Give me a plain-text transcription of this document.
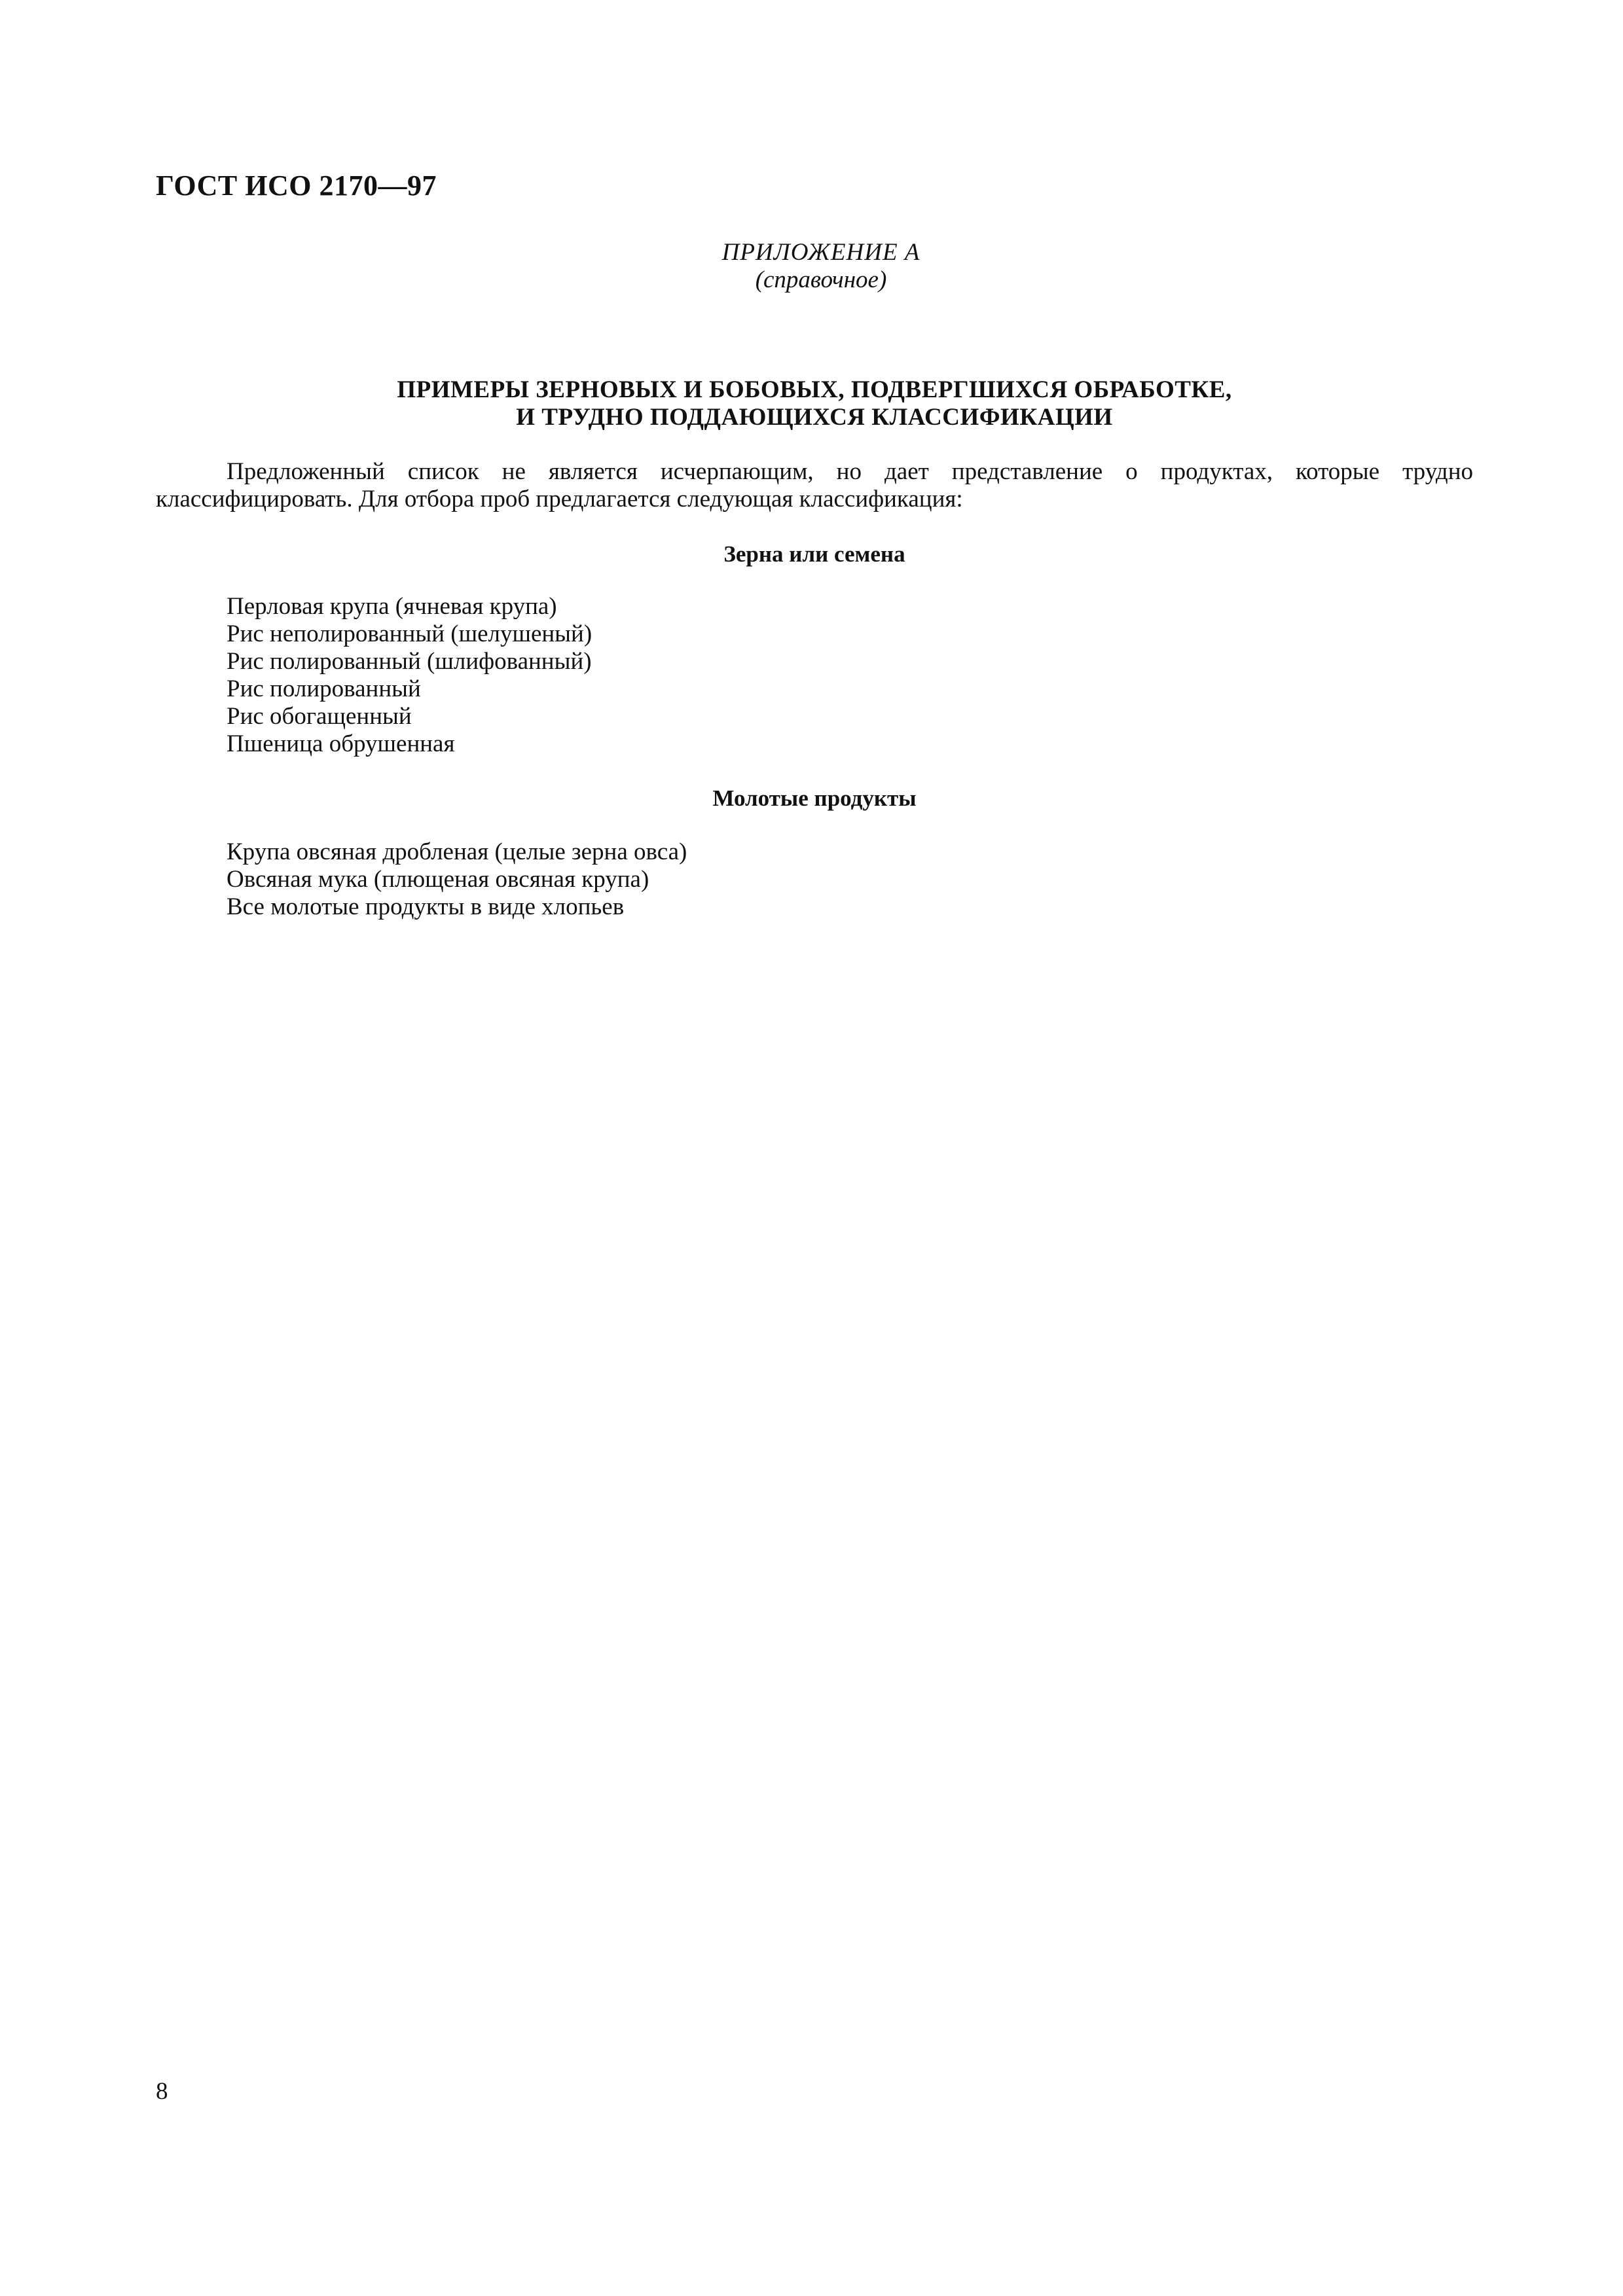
ГОСТ ИСО 2170—97
ПРИЛОЖЕНИЕ А
(справочное)
ПРИМЕРЫ ЗЕРНОВЫХ И БОБОВЫХ, ПОДВЕРГШИХСЯ ОБРАБОТКЕ,
И ТРУДНО ПОДДАЮЩИХСЯ КЛАССИФИКАЦИИ
Предложенный список не является исчерпающим, но дает представление о продуктах, которые трудно классифицировать. Для отбора проб предлагается следующая классификация:
Зерна или семена
Перловая крупа (ячневая крупа)
Рис неполированный (шелушеный)
Рис полированный (шлифованный)
Рис полированный
Рис обогащенный
Пшеница обрушенная
Молотые продукты
Крупа овсяная дробленая (целые зерна овса)
Овсяная мука (плющеная овсяная крупа)
Все молотые продукты в виде хлопьев
8
